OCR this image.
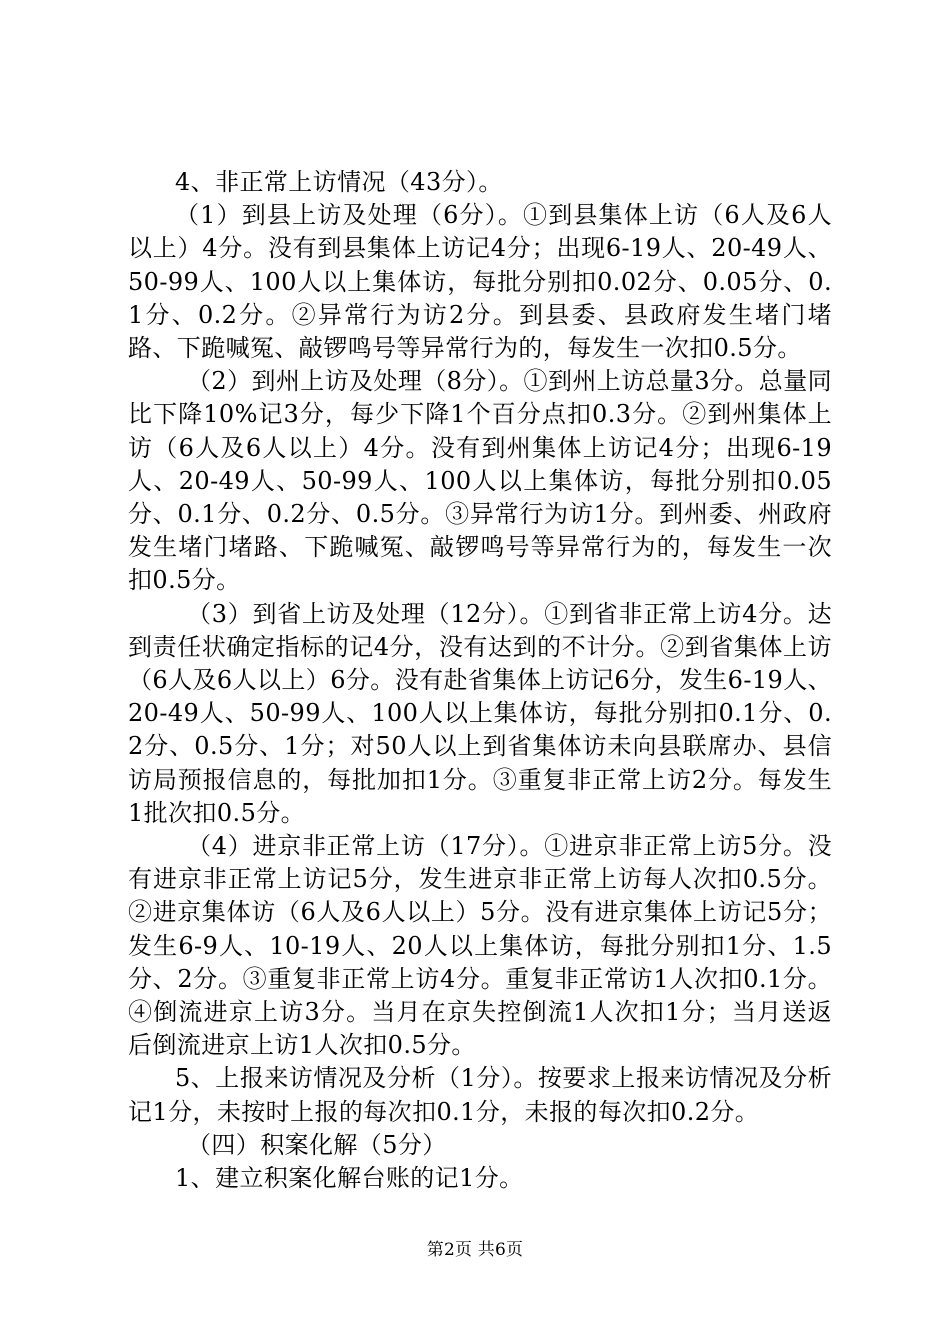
4、非正常上访情况（43分）。

（1）到县上访及处理（6分）。①到县集体上访（6人及6人以上）4分。没有到县集体上访记4分；出现6-19人、20-49人、50-99人、100人以上集体访，每批分别扣0.02分、0.05分、0.1分、0.2分。②异常行为访2分。到县委、县政府发生堵门堵路、下跪喊冤、敲锣鸣号等异常行为的，每发生一次扣0.5分。

（2）到州上访及处理（8分）。①到州上访总量3分。总量同比下降10%记3分，每少下降1个百分点扣0.3分。②到州集体上访（6人及6人以上）4分。没有到州集体上访记4分；出现6-19人、20-49人、50-99人、100人以上集体访，每批分别扣0.05分、0.1分、0.2分、0.5分。③异常行为访1分。到州委、州政府发生堵门堵路、下跪喊冤、敲锣鸣号等异常行为的，每发生一次扣0.5分。

（3）到省上访及处理（12分）。①到省非正常上访4分。达到责任状确定指标的记4分，没有达到的不计分。②到省集体上访（6人及6人以上）6分。没有赴省集体上访记6分，发生6-19人、20-49人、50-99人、100人以上集体访，每批分别扣0.1分、0.2分、0.5分、1分；对50人以上到省集体访未向县联席办、县信访局预报信息的，每批加扣1分。③重复非正常上访2分。每发生1批次扣0.5分。

（4）进京非正常上访（17分）。①进京非正常上访5分。没有进京非正常上访记5分，发生进京非正常上访每人次扣0.5分。②进京集体访（6人及6人以上）5分。没有进京集体上访记5分；发生6-9人、10-19人、20人以上集体访，每批分别扣1分、1.5分、2分。③重复非正常上访4分。重复非正常访1人次扣0.1分。④倒流进京上访3分。当月在京失控倒流1人次扣1分；当月送返后倒流进京上访1人次扣0.5分。

5、上报来访情况及分析（1分）。按要求上报来访情况及分析记1分，未按时上报的每次扣0.1分，未报的每次扣0.2分。

（四）积案化解（5分）

1、建立积案化解台账的记1分。

第2页 共6页
